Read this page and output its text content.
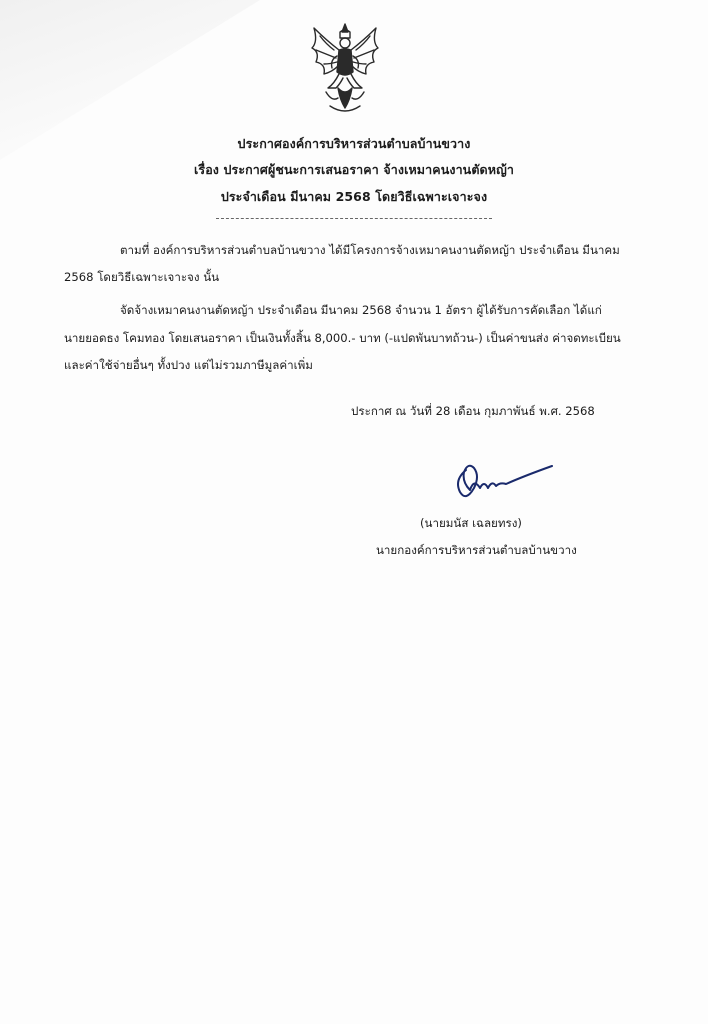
ประกาศองค์การบริหารส่วนตำบลบ้านขวาง
เรื่อง ประกาศผู้ชนะการเสนอราคา จ้างเหมาคนงานตัดหญ้า
ประจำเดือน มีนาคม 2568 โดยวิธีเฉพาะเจาะจง
ตามที่ องค์การบริหารส่วนตำบลบ้านขวาง ได้มีโครงการจ้างเหมาคนงานตัดหญ้า ประจำเดือน มีนาคม
2568 โดยวิธีเฉพาะเจาะจง นั้น
จัดจ้างเหมาคนงานตัดหญ้า ประจำเดือน มีนาคม 2568 จำนวน 1 อัตรา ผู้ได้รับการคัดเลือก ได้แก่
นายยอดธง โคมทอง โดยเสนอราคา เป็นเงินทั้งสิ้น 8,000.- บาท (-แปดพันบาทถ้วน-) เป็นค่าขนส่ง ค่าจดทะเบียน
และค่าใช้จ่ายอื่นๆ ทั้งปวง แต่ไม่รวมภาษีมูลค่าเพิ่ม
ประกาศ ณ วันที่ 28 เดือน กุมภาพันธ์ พ.ศ. 2568
(นายมนัส เฉลยทรง)
นายกองค์การบริหารส่วนตำบลบ้านขวาง
